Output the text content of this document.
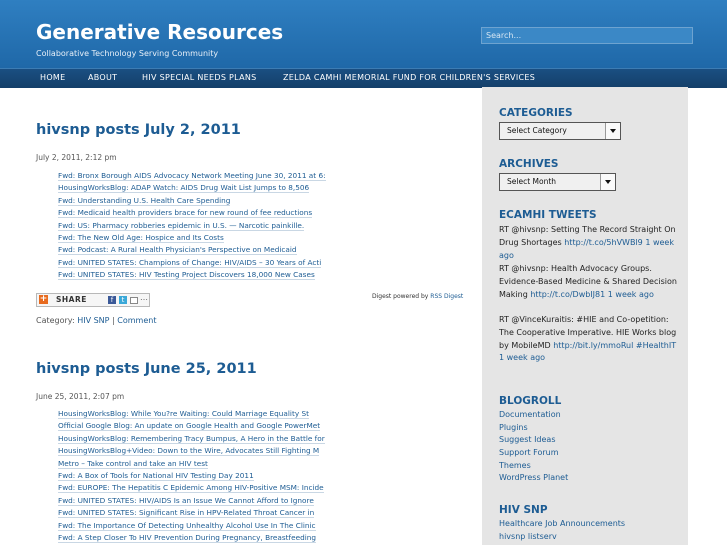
Generative Resources
Collaborative Technology Serving Community
Search...
HOME	ABOUT	HIV SPECIAL NEEDS PLANS	ZELDA CAMHI MEMORIAL FUND FOR CHILDREN'S SERVICES
hivsnp posts July 2, 2011
July 2, 2011, 2:12 pm
Fwd: Bronx Borough AIDS Advocacy Network Meeting June 30, 2011 at 6:
HousingWorksBlog: ADAP Watch: AIDS Drug Wait List Jumps to 8,506
Fwd: Understanding U.S. Health Care Spending
Fwd: Medicaid health providers brace for new round of fee reductions
Fwd: US: Pharmacy robberies epidemic in U.S. — Narcotic painkille.
Fwd: The New Old Age: Hospice and Its Costs
Fwd: Podcast: A Rural Health Physician's Perspective on Medicaid
Fwd: UNITED STATES: Champions of Change: HIV/AIDS – 30 Years of Acti
Fwd: UNITED STATES: HIV Testing Project Discovers 18,000 New Cases
+ SHARE	f	t	…	Digest powered by RSS Digest
Category: HIV SNP | Comment
hivsnp posts June 25, 2011
June 25, 2011, 2:07 pm
HousingWorksBlog: While You?re Waiting: Could Marriage Equality St
Official Google Blog: An update on Google Health and Google PowerMet
HousingWorksBlog: Remembering Tracy Bumpus, A Hero in the Battle for
HousingWorksBlog+Video: Down to the Wire, Advocates Still Fighting M
Metro – Take control and take an HIV test
Fwd: A Box of Tools for National HIV Testing Day 2011
Fwd: EUROPE: The Hepatitis C Epidemic Among HIV-Positive MSM: Incide
Fwd: UNITED STATES: HIV/AIDS Is an Issue We Cannot Afford to Ignore
Fwd: UNITED STATES: Significant Rise in HPV-Related Throat Cancer in
Fwd: The Importance Of Detecting Unhealthy Alcohol Use In The Clinic
Fwd: A Step Closer To HIV Prevention During Pregnancy, Breastfeeding
CATEGORIES
Select Category
ARCHIVES
Select Month
ECAMHI TWEETS
RT @hivsnp: Setting The Record Straight On Drug Shortages http://t.co/5hVWBl9 1 week ago
RT @hivsnp: Health Advocacy Groups. Evidence-Based Medicine & Shared Decision Making http://t.co/DwbIJ81 1 week ago
RT @VinceKuraitis: #HIE and Co-opetition: The Cooperative Imperative. HIE Works blog by MobileMD http://bit.ly/mmoRul #HealthIT 1 week ago
BLOGROLL
Documentation
Plugins
Suggest Ideas
Support Forum
Themes
WordPress Planet
HIV SNP
Healthcare Job Announcements
hivsnp listserv
